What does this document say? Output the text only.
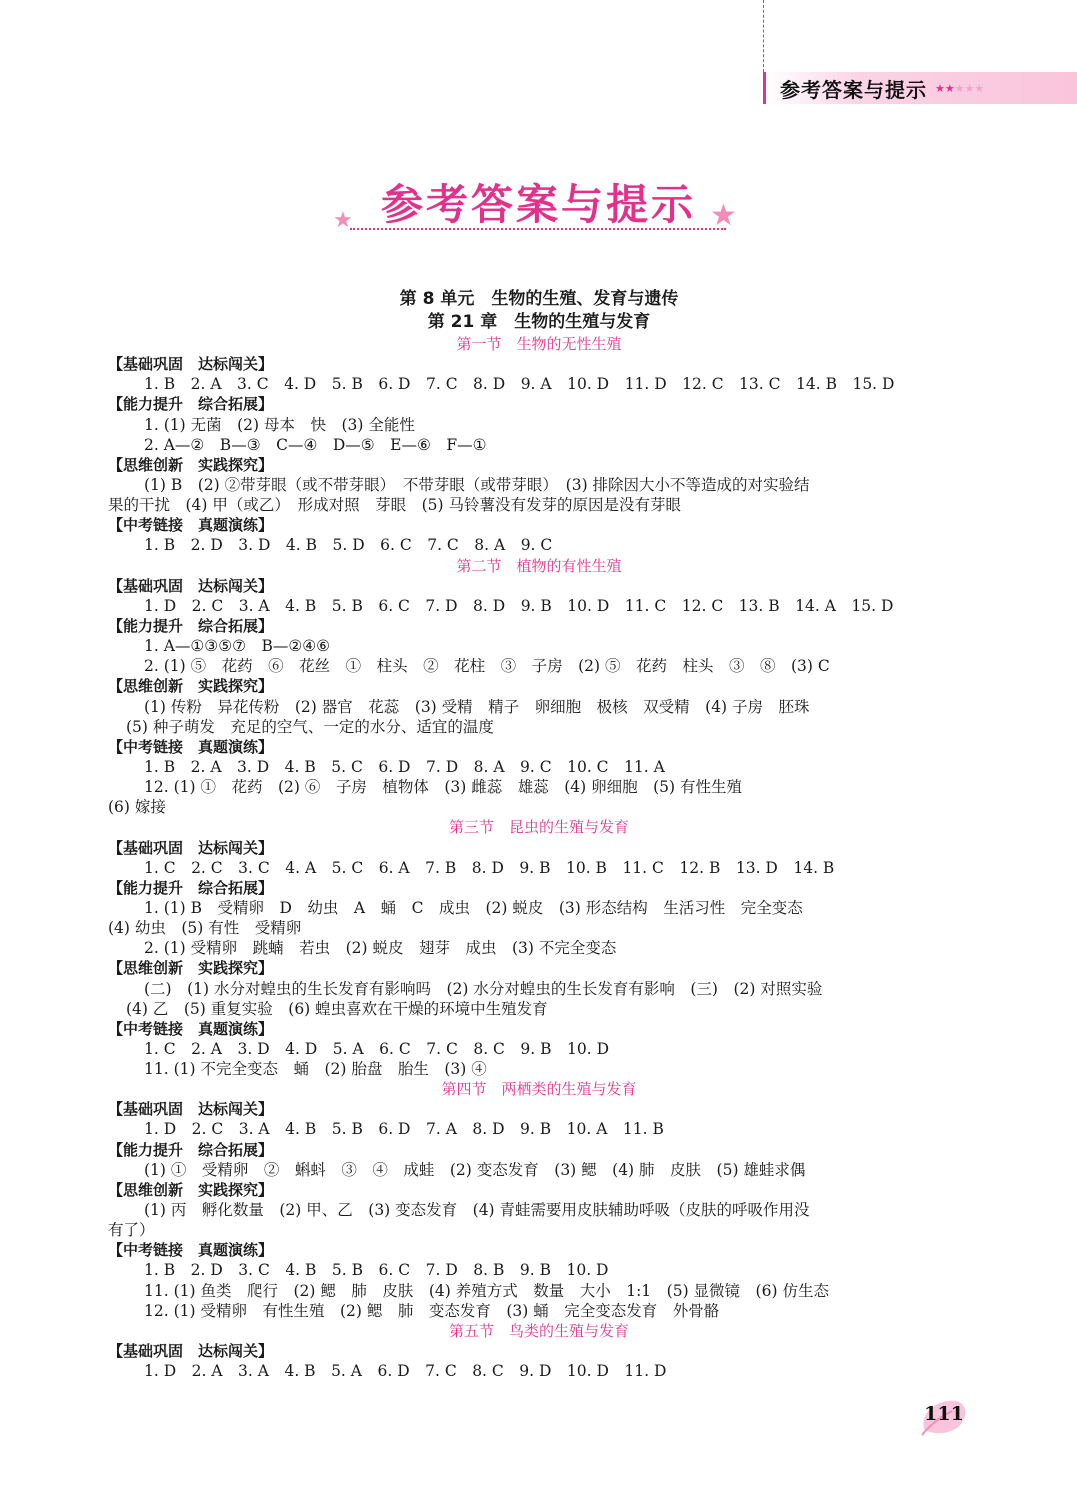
参考答案与提示 ★★★★★
★ 参考答案与提示 ★
第 8 单元　生物的生殖、发育与遗传
第 21 章　生物的生殖与发育
第一节　生物的无性生殖
【基础巩固　达标闯关】
1. B　2. A　3. C　4. D　5. B　6. D　7. C　8. D　9. A　10. D　11. D　12. C　13. C　14. B　15. D
【能力提升　综合拓展】
1. (1) 无菌　(2) 母本　快　(3) 全能性
2. A—②　B—③　C—④　D—⑤　E—⑥　F—①
【思维创新　实践探究】
(1) B　(2) ②带芽眼（或不带芽眼）　不带芽眼（或带芽眼）　(3) 排除因大小不等造成的对实验结
果的干扰　(4) 甲（或乙）　形成对照　芽眼　(5) 马铃薯没有发芽的原因是没有芽眼
【中考链接　真题演练】
1. B　2. D　3. D　4. B　5. D　6. C　7. C　8. A　9. C
第二节　植物的有性生殖
【基础巩固　达标闯关】
1. D　2. C　3. A　4. B　5. B　6. C　7. D　8. D　9. B　10. D　11. C　12. C　13. B　14. A　15. D
【能力提升　综合拓展】
1. A—①③⑤⑦　B—②④⑥
2. (1) ⑤　花药　⑥　花丝　①　柱头　②　花柱　③　子房　(2) ⑤　花药　柱头　③　⑧　(3) C
【思维创新　实践探究】
(1) 传粉　异花传粉　(2) 器官　花蕊　(3) 受精　精子　卵细胞　极核　双受精　(4) 子房　胚珠
(5) 种子萌发　充足的空气、一定的水分、适宜的温度
【中考链接　真题演练】
1. B　2. A　3. D　4. B　5. C　6. D　7. D　8. A　9. C　10. C　11. A
12. (1) ①　花药　(2) ⑥　子房　植物体　(3) 雌蕊　雄蕊　(4) 卵细胞　(5) 有性生殖
(6) 嫁接
第三节　昆虫的生殖与发育
【基础巩固　达标闯关】
1. C　2. C　3. C　4. A　5. C　6. A　7. B　8. D　9. B　10. B　11. C　12. B　13. D　14. B
【能力提升　综合拓展】
1. (1) B　受精卵　D　幼虫　A　蛹　C　成虫　(2) 蜕皮　(3) 形态结构　生活习性　完全变态
(4) 幼虫　(5) 有性　受精卵
2. (1) 受精卵　跳蝻　若虫　(2) 蜕皮　翅芽　成虫　(3) 不完全变态
【思维创新　实践探究】
(二)　(1) 水分对蝗虫的生长发育有影响吗　(2) 水分对蝗虫的生长发育有影响　(三)　(2) 对照实验
(4) 乙　(5) 重复实验　(6) 蝗虫喜欢在干燥的环境中生殖发育
【中考链接　真题演练】
1. C　2. A　3. D　4. D　5. A　6. C　7. C　8. C　9. B　10. D
11. (1) 不完全变态　蛹　(2) 胎盘　胎生　(3) ④
第四节　两栖类的生殖与发育
【基础巩固　达标闯关】
1. D　2. C　3. A　4. B　5. B　6. D　7. A　8. D　9. B　10. A　11. B
【能力提升　综合拓展】
(1) ①　受精卵　②　蝌蚪　③　④　成蛙　(2) 变态发育　(3) 鳃　(4) 肺　皮肤　(5) 雄蛙求偶
【思维创新　实践探究】
(1) 丙　孵化数量　(2) 甲、乙　(3) 变态发育　(4) 青蛙需要用皮肤辅助呼吸（皮肤的呼吸作用没
有了）
【中考链接　真题演练】
1. B　2. D　3. C　4. B　5. B　6. C　7. D　8. B　9. B　10. D
11. (1) 鱼类　爬行　(2) 鳃　肺　皮肤　(4) 养殖方式　数量　大小　1:1　(5) 显微镜　(6) 仿生态
12. (1) 受精卵　有性生殖　(2) 鳃　肺　变态发育　(3) 蛹　完全变态发育　外骨骼
第五节　鸟类的生殖与发育
【基础巩固　达标闯关】
1. D　2. A　3. A　4. B　5. A　6. D　7. C　8. C　9. D　10. D　11. D
111
